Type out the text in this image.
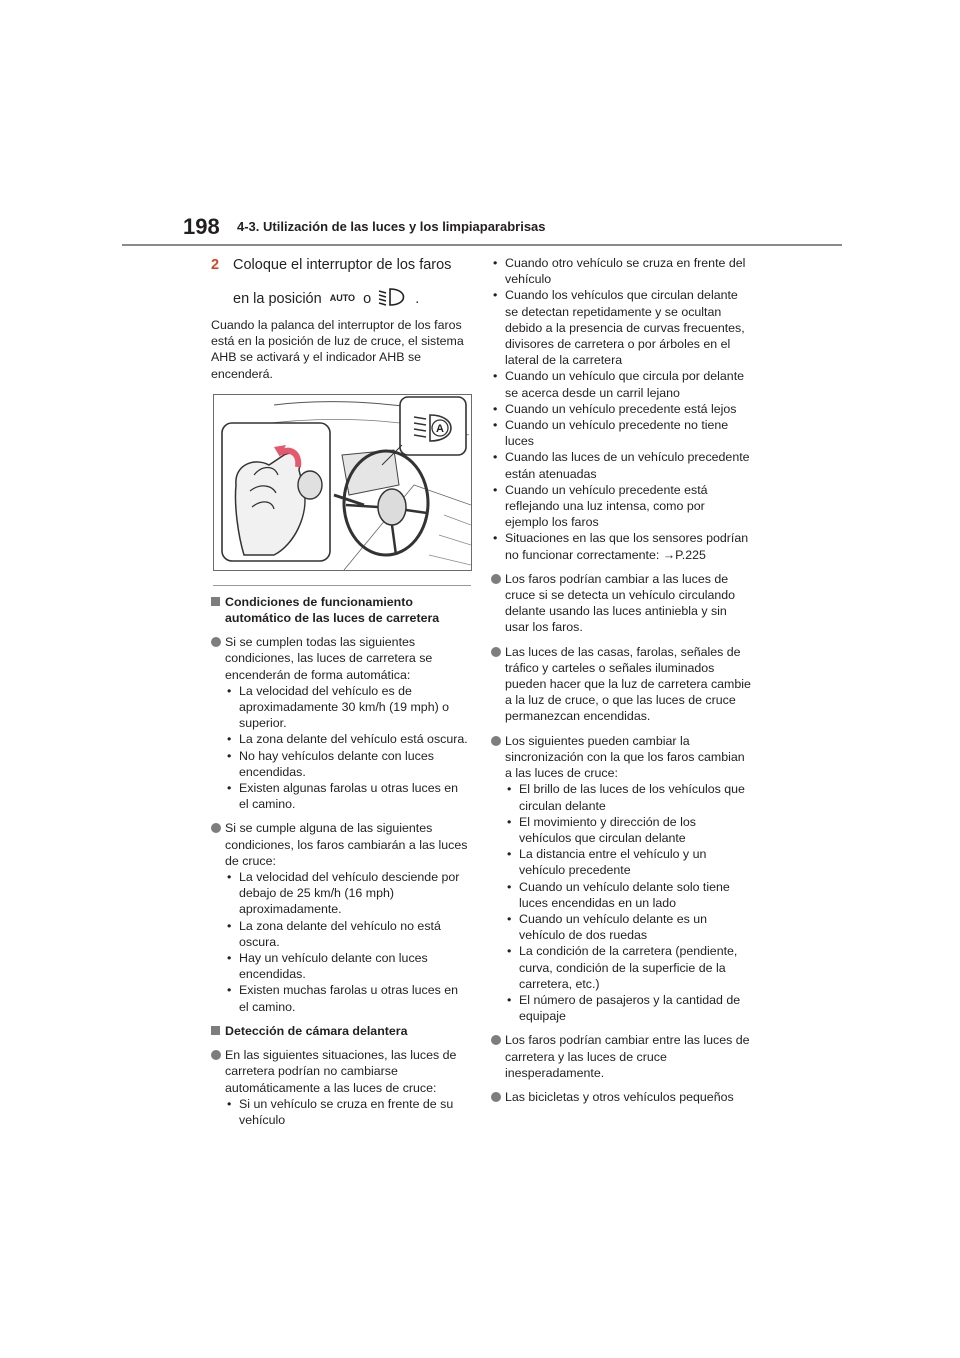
198 4-3. Utilización de las luces y los limpiaparabrisas
2 Coloque el interruptor de los faros
en la posición AUTO o	.

Cuando la palanca del interruptor de los faros está en la posición de luz de cruce, el sistema AHB se activará y el indicador AHB se encenderá.

A
Condiciones de funcionamiento automático de las luces de carretera
Si se cumplen todas las siguientes condiciones, las luces de carretera se encenderán de forma automática:
• La velocidad del vehículo es de aproximadamente 30 km/h (19 mph) o superior.
• La zona delante del vehículo está oscura.
• No hay vehículos delante con luces encendidas.
• Existen algunas farolas u otras luces en el camino.
Si se cumple alguna de las siguientes condiciones, los faros cambiarán a las luces de cruce:
• La velocidad del vehículo desciende por debajo de 25 km/h (16 mph) aproximadamente.
• La zona delante del vehículo no está oscura.
• Hay un vehículo delante con luces encendidas.
• Existen muchas farolas u otras luces en el camino.
Detección de cámara delantera
En las siguientes situaciones, las luces de carretera podrían no cambiarse automáticamente a las luces de cruce:
• Si un vehículo se cruza en frente de su vehículo
• Cuando otro vehículo se cruza en frente del vehículo
• Cuando los vehículos que circulan delante se detectan repetidamente y se ocultan debido a la presencia de curvas frecuentes, divisores de carretera o por árboles en el lateral de la carretera
• Cuando un vehículo que circula por delante se acerca desde un carril lejano
• Cuando un vehículo precedente está lejos
• Cuando un vehículo precedente no tiene luces
• Cuando las luces de un vehículo precedente están atenuadas
• Cuando un vehículo precedente está reflejando una luz intensa, como por ejemplo los faros
• Situaciones en las que los sensores podrían no funcionar correctamente: →P.225
Los faros podrían cambiar a las luces de cruce si se detecta un vehículo circulando delante usando las luces antiniebla y sin usar los faros.
Las luces de las casas, farolas, señales de tráfico y carteles o señales iluminados pueden hacer que la luz de carretera cambie a la luz de cruce, o que las luces de cruce permanezcan encendidas.
Los siguientes pueden cambiar la sincronización con la que los faros cambian a las luces de cruce:
• El brillo de las luces de los vehículos que circulan delante
• El movimiento y dirección de los vehículos que circulan delante
• La distancia entre el vehículo y un vehículo precedente
• Cuando un vehículo delante solo tiene luces encendidas en un lado
• Cuando un vehículo delante es un vehículo de dos ruedas
• La condición de la carretera (pendiente, curva, condición de la superficie de la carretera, etc.)
• El número de pasajeros y la cantidad de equipaje
Los faros podrían cambiar entre las luces de carretera y las luces de cruce inesperadamente.
Las bicicletas y otros vehículos pequeños
